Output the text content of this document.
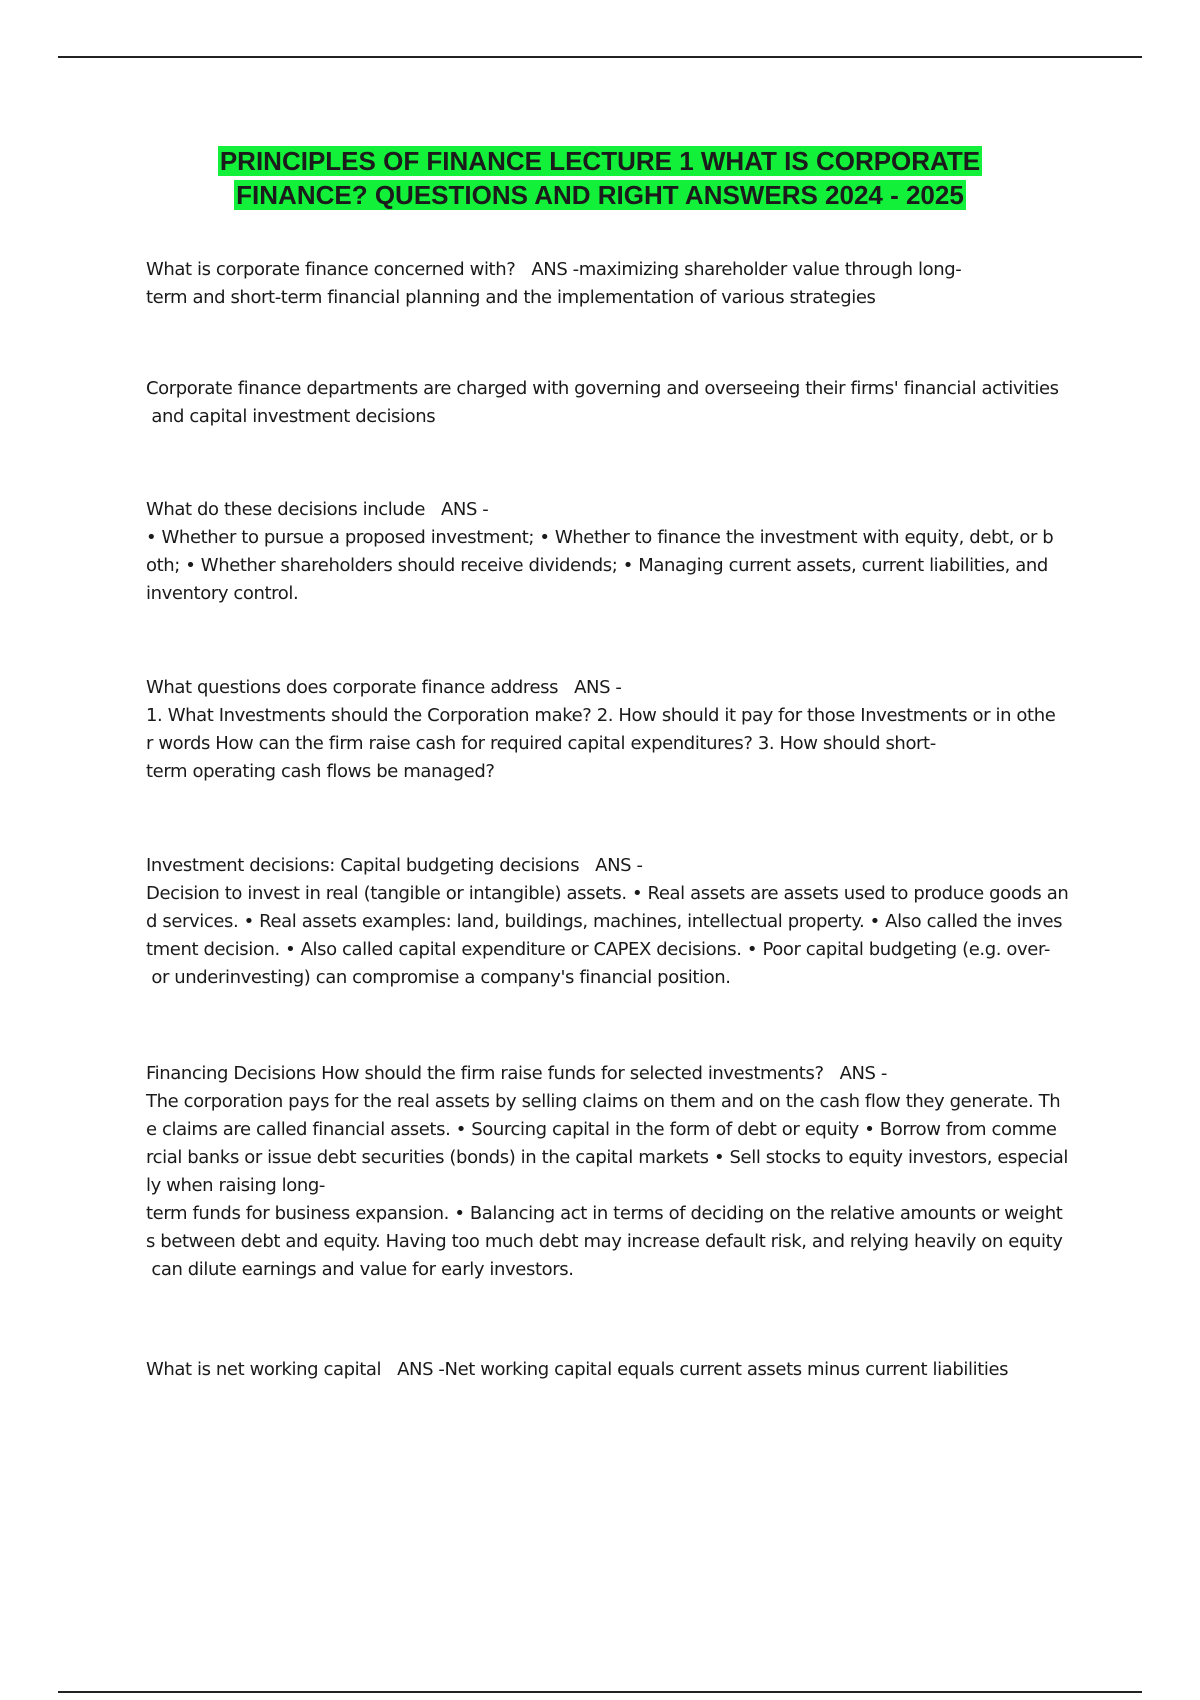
PRINCIPLES OF FINANCE LECTURE 1 WHAT IS CORPORATE
FINANCE? QUESTIONS AND RIGHT ANSWERS 2024 - 2025
What is corporate finance concerned with?   ANS -maximizing shareholder value through long-
term and short-term financial planning and the implementation of various strategies
Corporate finance departments are charged with governing and overseeing their firms' financial activities
and capital investment decisions
What do these decisions include   ANS -
• Whether to pursue a proposed investment; • Whether to finance the investment with equity, debt, or b
oth; • Whether shareholders should receive dividends; • Managing current assets, current liabilities, and
inventory control.
What questions does corporate finance address   ANS -
1. What Investments should the Corporation make? 2. How should it pay for those Investments or in othe
r words How can the firm raise cash for required capital expenditures? 3. How should short-
term operating cash flows be managed?
Investment decisions: Capital budgeting decisions   ANS -
Decision to invest in real (tangible or intangible) assets. • Real assets are assets used to produce goods an
d services. • Real assets examples: land, buildings, machines, intellectual property. • Also called the inves
tment decision. • Also called capital expenditure or CAPEX decisions. • Poor capital budgeting (e.g. over-
or underinvesting) can compromise a company's financial position.
Financing Decisions How should the firm raise funds for selected investments?   ANS -
The corporation pays for the real assets by selling claims on them and on the cash flow they generate. Th
e claims are called financial assets. • Sourcing capital in the form of debt or equity • Borrow from comme
rcial banks or issue debt securities (bonds) in the capital markets • Sell stocks to equity investors, especial
ly when raising long-
term funds for business expansion. • Balancing act in terms of deciding on the relative amounts or weight
s between debt and equity. Having too much debt may increase default risk, and relying heavily on equity
can dilute earnings and value for early investors.
What is net working capital   ANS -Net working capital equals current assets minus current liabilities
